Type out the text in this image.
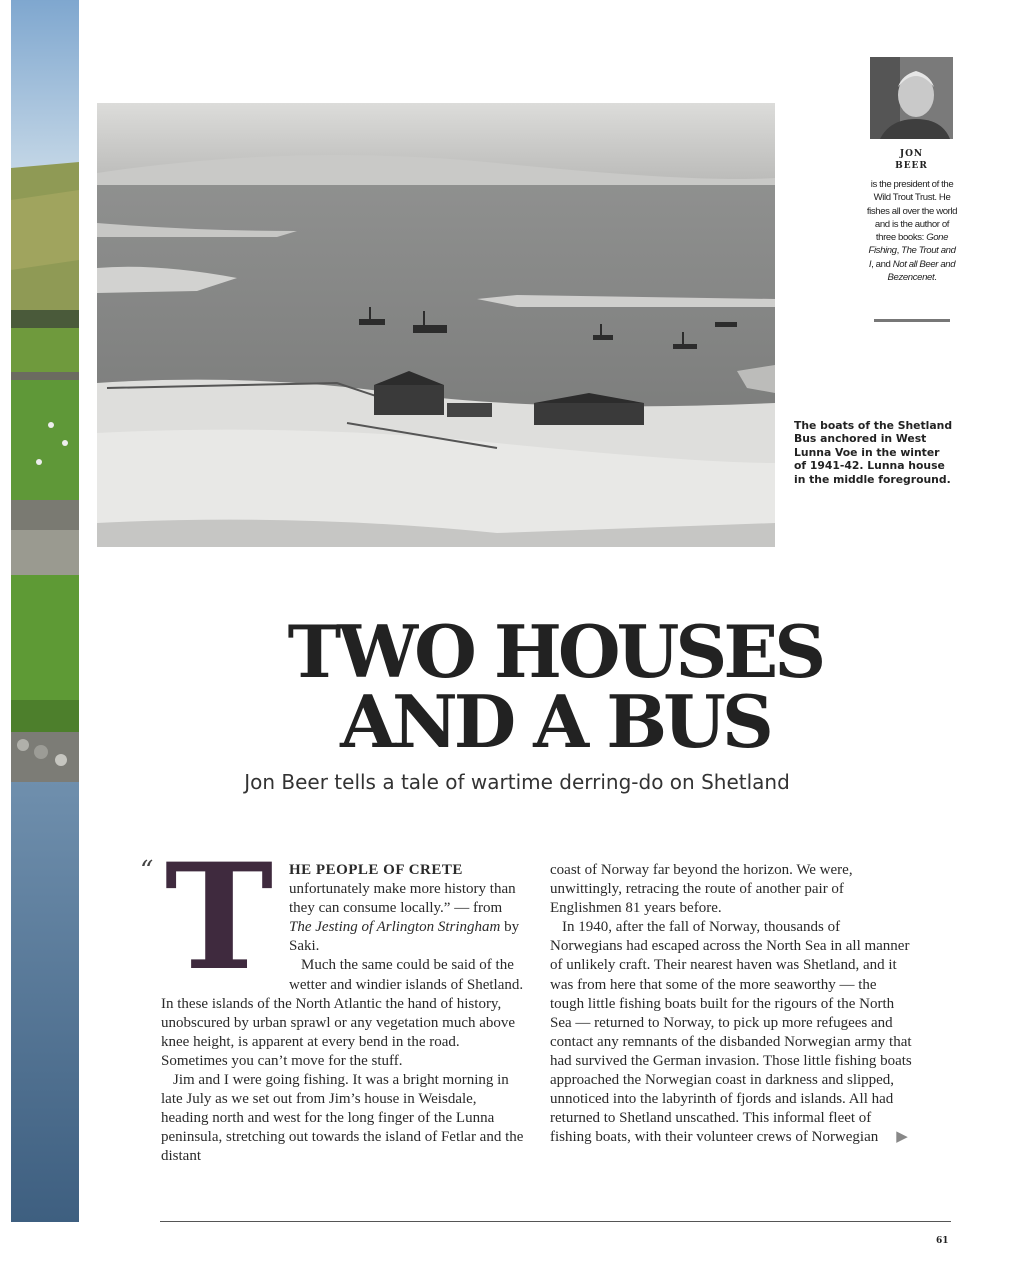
The boats of the Shetland Bus anchored in West Lunna Voe in the winter of 1941-42. Lunna house in the middle foreground.
JON
BEER
is the president of the Wild Trout Trust. He fishes all over the world and is the author of three books: Gone Fishing, The Trout and I, and Not all Beer and Bezencenet.
TWO HOUSES
AND A BUS
Jon Beer tells a tale of wartime derring-do on Shetland
“ T HE PEOPLE OF CRETE unfortunately make more history than they can consume locally.” — from The Jesting of Arlington Stringham by Saki.

Much the same could be said of the wetter and windier islands of Shetland. In these islands of the North Atlantic the hand of history, unobscured by urban sprawl or any vegetation much above knee height, is apparent at every bend in the road. Sometimes you can’t move for the stuff.

Jim and I were going fishing. It was a bright morning in late July as we set out from Jim’s house in Weisdale, heading north and west for the long finger of the Lunna peninsula, stretching out towards the island of Fetlar and the distant

coast of Norway far beyond the horizon. We were, unwittingly, retracing the route of another pair of Englishmen 81 years before.

In 1940, after the fall of Norway, thousands of Norwegians had escaped across the North Sea in all manner of unlikely craft. Their nearest haven was Shetland, and it was from here that some of the more seaworthy — the tough little fishing boats built for the rigours of the North Sea — returned to Norway, to pick up more refugees and contact any remnants of the disbanded Norwegian army that had survived the German invasion. Those little fishing boats approached the Norwegian coast in darkness and slipped, unnoticed into the labyrinth of fjords and islands. All had returned to Shetland unscathed. This informal fleet of fishing boats, with their volunteer crews of Norwegian ▶

61
